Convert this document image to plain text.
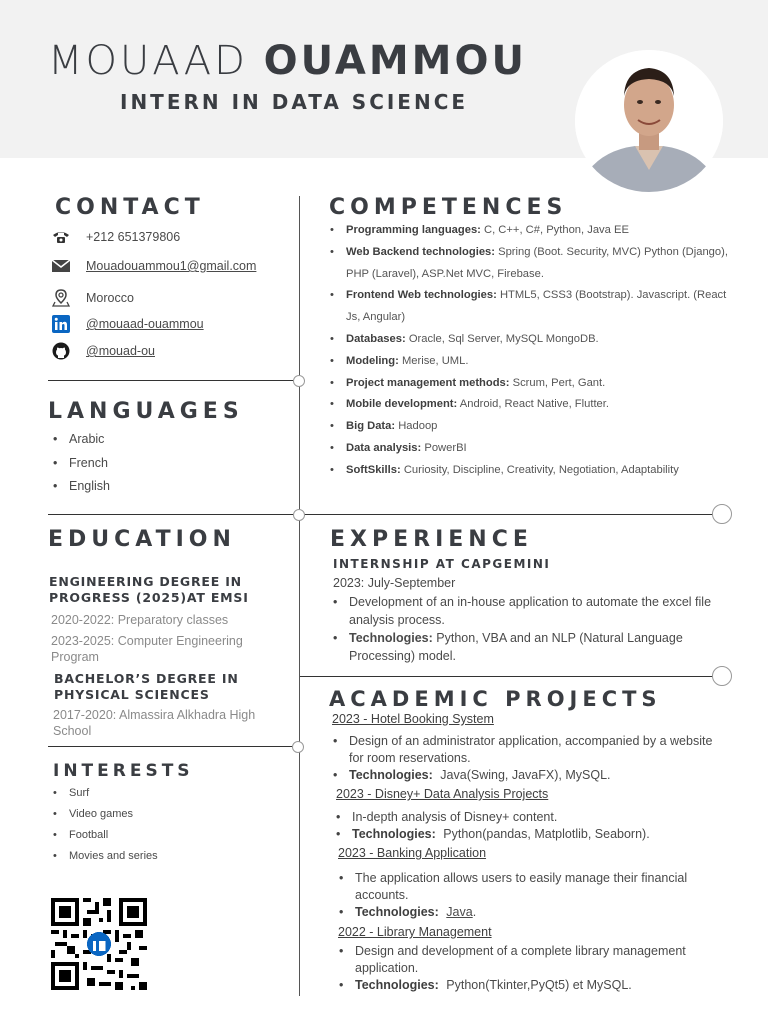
MOUAAD OUAMMOU
INTERN IN DATA SCIENCE
CONTACT
+212 651379806
Mouadouammou1@gmail.com
Morocco
@mouaad-ouammou
@mouad-ou
LANGUAGES
• Arabic
• French
• English
COMPETENCES
• Programming languages: C, C++, C#, Python, Java EE
• Web Backend technologies: Spring (Boot. Security, MVC) Python (Django), PHP (Laravel), ASP.Net MVC, Firebase.
• Frontend Web technologies: HTML5, CSS3 (Bootstrap). Javascript. (React Js, Angular)
• Databases: Oracle, Sql Server, MySQL MongoDB.
• Modeling: Merise, UML.
• Project management methods: Scrum, Pert, Gant.
• Mobile development: Android, React Native, Flutter.
• Big Data: Hadoop
• Data analysis: PowerBI
• SoftSkills: Curiosity, Discipline, Creativity, Negotiation, Adaptability
EDUCATION
ENGINEERING DEGREE IN PROGRESS (2025)AT EMSI
2020-2022: Preparatory classes
2023-2025: Computer Engineering Program
BACHELOR’S DEGREE IN PHYSICAL SCIENCES
2017-2020: Almassira Alkhadra High School
INTERESTS
• Surf
• Video games
• Football
• Movies and series
EXPERIENCE
INTERNSHIP AT CAPGEMINI
2023: July-September
• Development of an in-house application to automate the excel file analysis process.
• Technologies: Python, VBA and an NLP (Natural Language Processing) model.
ACADEMIC PROJECTS
2023 - Hotel Booking System
• Design of an administrator application, accompanied by a website for room reservations.
• Technologies: Java(Swing, JavaFX), MySQL.
2023 - Disney+ Data Analysis Projects
• In-depth analysis of Disney+ content.
• Technologies: Python(pandas, Matplotlib, Seaborn).
2023 - Banking Application
• The application allows users to easily manage their financial accounts.
• Technologies: Java.
2022 - Library Management
• Design and development of a complete library management application.
• Technologies: Python(Tkinter,PyQt5) et MySQL.
